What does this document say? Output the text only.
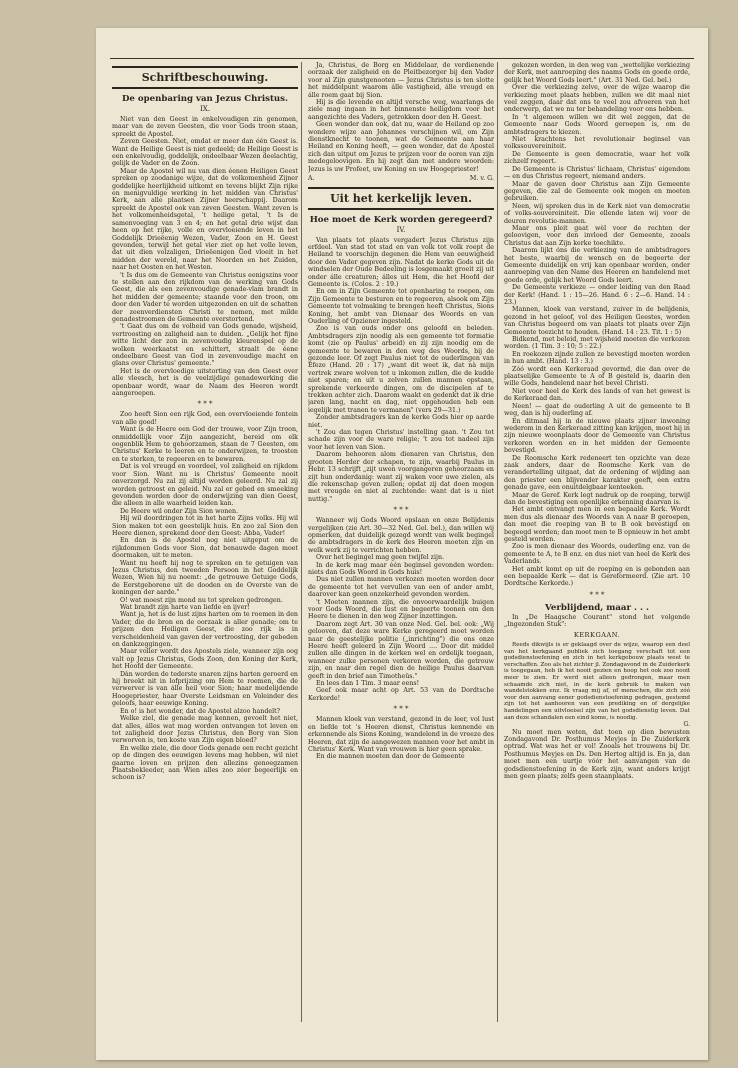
Schriftbeschouwing.
De openbaring van Jezus Christus.
IX.

Niet van den Geest in enkelvoudigen zin genomen, maar van de zeven Geesten, die voor Gods troon staan, spreekt de Apostel.

Zeven Geesten. Niet, omdat er meer dan één Geest is. Want de Heilige Geest is niet gedeeld; de Heilige Geest is een enkelvoudig, goddelijk, ondeelbaar Wezen deelachtig, gelijk de Vader en de Zoon.

Maar de Apostel wil nu van dien éenen Heiligen Geest spreken op zoodanige wijze, dat de volkomenheid Zijner goddelijke heerlijkheid uitkomt en tevens blijkt Zijn rijke en menigvuldige werking in het midden van Christus' Kerk, aan alle plaatsen Zijner heerschappij. Daarom spreekt de Apostel ook van zeven Geesten. Want zeven is het volkomenheidsgetal, 't heilige getal, 't Is de samenvoeging van 3 en 4; en het getal drie wijst dan heen op het rijke, volle en overvloeiende leven in het Goddelijk Drieëenig Wezen, Vader, Zoon en H. Geest gevonden, terwijl het getal vier ziet op het volle leven, dat uit dien volzaligen, Drieëenigen God vloeit in het midden der wereld, naar het Noorden en het Zuiden, naar het Oosten en het Westen.

't Is dus om de Gemeente van Christus eenigszins voor te stellen aan den rijkdom van de werking van Gods Geest, die als een zevenvoudige genade-vlam brandt in het midden der gemeente; staande voor den troon, om door den Vader te worden uitgezonden en uit de schatten der zeenverdiensten Christi te nemen, met milde genadestroomen de Gemeente overstortend.

't Gaat dus om de volheid van Gods genade, wijsheid, vertroosting en zaligheid aan te duiden. „Gelijk het fijne witte licht der zon in zevenvoudig kleurenspel op de wolken weerkaatst en schittert, straalt de éene ondeelbare Geest van God in zevenvoudige macht en glans over Christus' gemeente."

Het is de overvloedige uitstorting van den Geest over alle vleesch, het is de veelzijdige genadewerking die openbaar wordt, waar de Naam des Heeren wordt aangeroepen.

* * *

Zoo heeft Sion een rijk God, een overvloeiende fontein van alle goed!

Want is de Heere een God der trouwe, voor Zijn troon, onmiddellijk voor Zijn aangezicht, bereid om elk oogenblik Hem te gehoorzamen, staan de 7 Geesten, om Christus' Kerke te leeren en te onderwijzen, te troosten en te sterken, te regeeren en te bewaren.

Dat is vol vreugd en voordeel, vol zaligheid en rijkdom voor Sion. Want nu is Christus' Gemeente nooit onverzorgd. Nu zal zij altijd worden geleerd. Nu zal zij worden getroost en geleid. Nu zal er gebed en smeeking gevonden worden door de onderwijzing van dien Geest, die alleen in alle waarheid leiden kan.

De Heere wil onder Zijn Sion wonen.

Hij wil doordringen tot in het harte Zijns volks. Hij wil Sion maken tot een geestelijk huis. En zoo zal Sion den Heere dienen, sprekend door den Geest: Abba, Vader!

En dan is de Apostel nog niet uitgeput om de rijkdommen Gods voor Sion, dat benauwde dagen moet doormaken, uit te meten.

Want nu heeft hij nog te spreken en te getuigen van Jezus Christus, den tweeden Persoon in het Goddelijk Wezen, Wien hij nu noemt: „de getrouwe Getuige Gods, de Eerstgeborene uit de dooden en de Overste van de koningen der aarde."

O! wat moest zijn mond nu tot spreken gedrongen.

Wat brandt zijn harte van liefde en ijver!

Want ja, het is de lust zijns harten om te roemen in den Vader, die de bron en de oorzaak is aller genade; om te prijzen den Heiligen Geest, die zoo rijk is in verscheidenheid van gaven der vertroosting, der gebeden en dankzeggingen.

Maar voller wordt des Apostels ziele, wanneer zijn oog valt op Jezus Christus, Gods Zoon, den Koning der Kerk, het Hoofd der Gemeente.

Dàn worden de tederste snaren zijns harten geroerd en hij breekt nit in lofprijzing om Hem te roemen, die de verwerver is van álle heil voor Sion; haar medelijdende Hoogepriester, haar Overste Leidsman en Voleinder des geloofs, haar eeuwige Koning.

En o! is het wonder, dat de Apostel alzoo handelt?

Welke ziel, die genade mag kennen, gevoelt het niet, dat alles, álles wat mag worden ontvangen tot leven en tot zaligheid door Jezus Christus, den Borg van Sion verworven is, ten koste van Zijn eigen bloed?

En welke ziele, die door Gods genade een recht gezicht op de dingen des eeuwigen levens mag hebben, wil niet gaarne loven en prijzen den allezins genoegzamen Plaatsbekleeder, aan Wien alles zoo zéer begeerlijk en schoon is?

Ja, Christus, de Borg en Middelaar, de verdienende oorzaak der zaligheid en de Pleitbezorger bij den Vader voor al Zijn gunstgenooten — Jezus Christus is ten slotte het middelpunt waarom álle vastigheid, álle vreugd en álle roem gaat bij Sion.

Hij is die levende en altijd versche weg, waarlangs de ziele mag ingaan in het binnenste heiligdom voor het aangezichte des Vaders, getrokken door den H. Geest.

Geen wonder dan ook, dat nu, waar de Heiland op zoo wondere wijze aan Johannes verschijnen wil, om Zijn dienstknecht te toonen, wat de Gemeente aan haar Heiland en Koning heeft, — geen wonder, dat de Apostel zich dan uitput om Jezus te prijzen voor de ooren van zijn medegeloovigen. En hij zegt dan met andere woorden: Jezus is uw Profeet, uw Koning en uw Hoogepriester!

A.	M. v. G.
Uit het kerkelijk leven.
Hoe moet de Kerk worden geregeerd?
IV.

Van plaats tot plaats vergadert Jezus Christus zijn erfdeel. Van stad tot stad en van volk tot volk roept de Heiland te voorschijn degenen die Hem van eeuwigheid door den Vader gegeven zijn. Nadat de kerke Gods uit de windselen der Oude Bedeeling is losgemaakt groeit zij uit onder álle creaturen; álles uit Hem, die het Hoofd der Gemeente is. (Colos. 2 : 19.)

En om in Zijn Gemeente tot openbaring te roepen, om Zijn Gemeente te besturen en te regeeren, alsook om Zijn Gemeente tot volmaking te brengen heeft Christus, Sions Koning, het ambt van Dienaar des Woords en van Ouderling of Opziener ingesteld.

Zoo is van ouds onder ons geloofd en beleden. Ambtsdragers zijn noodig als een gemeente tot formatie komt (zie op Paulus' arbeid) en zij zijn noodig om de gemeente te bewaren in den weg des Woords, bij de gezonde leer. Of zegt Paulus niet tot de ouderlingen van Efeze (Hand. 20 : 17) „want dit weet ik, dat nà mijn vertrek zware wolven tot u inkomen zullen, die de kudde niet sparen; en uit u zelven zullen mannen opstaan, sprekende verkeerde dingen, om de discipelen af te trekken achter zich. Daarom waakt en gedenkt dat ik drie jaren lang, nacht en dag, niet opgehouden heb een iegelijk met tranen te vermanen" (vers 29—31.)

Zonder ambtsdragers kan de kerke Gods hier op aarde niet.

't Zou dan tegen Christus' instelling gaan. 't Zou tot schade zijn voor de ware religie; 't zou tot nadeel zijn voor het leven van Sion.

Daarom behooren alom dienaren van Christus, den grooten Herder der schapen, te zijn, waarbij Paulus in Hebr. 13 schrijft „zijt uwen voorgangeren gehoorzaam en zijt hun onderdanig: want zij waken voor uwe zielen, als die rekenschap geven zullen; opdat zij dat doen mogen met vreugde en niet al zuchtende: want dat is u niet nuttig."

* * *

Wanneer wij Gods Woord opslaan en onze Belijdenis vergelijken (zie Art. 30—32 Ned. Gel. bel.), dan willen wij opmerken, dat duidelijk gezegd wordt van welk begingel de ambtsdragers in de kerk des Heeren moeten zijn en welk werk zij te verrichten hebben.

Over het begingel mag geen twijfel zijn.

In de kerk mag maar één beginsel gevonden worden: niets dan Gods Woord in Gods huis!

Dus niet zullen mannen verkozen moeten worden door de gemeente tot het vervullen van een of ander ambt, daarover kan geen onzekerheid gevonden worden.

't Moeten mannen zijn, die onvoorwaardelijk buigen voor Gods Woord, die lust en begeerte toonen om den Heere te dienen in den weg Zijner inzettingen.

Daarom zegt Art. 30 van onze Ned. Gel. bel. ook: „Wij gelooven, dat deze ware Kerke geregeerd moet worden naar de geestelijke politie („inrichting") die ons onze Heere heeft geleerd in Zijn Woord .... Door dit middel zullen alle dingen in de kerken wel en ordelijk toegaan, wanneer zulke personen verkoren worden, die getrouw zijn, en naar den regel dien de heilige Paulus daarvan geeft in den brief aan Timotheüs."

En lees dan 1 Tim. 3 maar eens!

Geef ook maar acht op Art. 53 van de Dordtsche Kerkorde!

* * *

Mannen kloek van verstand, gezond in de leer, vol lust en liefde tot 's Heeren dienst, Christus kennende en erkennende als Sions Koning, wandelend in de vreeze des Heeren, dat zijn de aangewezen mannen voor het ambt in Christus' Kerk. Want van vrouwen is hier geen sprake.

En die mannen moeten dan door de Gemeente

gekozen worden, in den weg van „wettelijke verkiezing der Kerk, met aanroeping des naams Gods en goede orde, gelijk het Woord Gods leert." (Art. 31 Ned. Gel. bel.)

Over die verkiezing zelve, over de wijze waarop die verkiezing moet plaats hebben, zullen we dit maal niet veel zeggen, daar dat ons te veel zou afvoeren van het onderwerp, dat we nu ter behandeling voor ons hebben.

In 't algemeen willen we dit wel zeggen, dat de Gemeente naar Gods Woord geroepen is, om de ambtsdragers te kiezen.

Niet krachtens het revolutionair beginsel van volkssouvereiniteit.

De Gemeente is geen democratie, waar het volk zichzelf regeert.

De Gemeente is Christus' lichaam, Christus' eigendom — en dus Christus regeert, niemand anders.

Maar de gaven door Christus aan Zijn Gemeente gegeven, die zal de Gemeente ook mogen en moeten gebruiken.

Neen, wij spreken dus in de Kerk niet van democratie of volks-souvereiniteit. Die ellende laten wij voor de deuren revolutie-mannen.

Maar ons pleit gaat wèl voor de rechten der geloovigen, voor den invloed der Gemeente, zooals Christus dat aan Zijn kerke toechikte.

Daarom lijkt óns die verkiezing van de ambtsdragers het beste, waarbij de wensch en de begeerte der Gemeente duidelijk en vrij kan openbaar worden, onder aanroeping van den Name des Heeren en handelend met goede orde, gelijk het Woord Gods leert.

De Gemeente verkieze — onder leiding van den Raad der Kerk! (Hand. 1 : 15—26. Hand. 6 : 2—6. Hand. 14 : 23.)

Mannen, kloek van verstand, zuiver in de belijdenis, gezond in het geloof, vol des Heiligen Geestes, worden van Christus begeerd om van plaats tot plaats over Zijn Gemeente toezicht te houden. (Hand. 14 : 23. Tit. 1 : 5)

Bidkend, met beleid, met wijsheid moeten die verkozen worden. (1 Tim. 3 : 10; 5 : 22.)

En roekozen zijnde zullen ze bevestigd moeten worden in hun ambt. (Hand. 13 : 3.)

Zóó wordt een Kerkeraad gevormd, die dan over de plaatselijke Gemeente te A of B gesteld is, daarin den wille Gods, handelend naar het bevel Christi.

Niet voor heel de Kerk des lands of van het gewest is de Kerkeraad dan.

Neen! — gaat de ouderling A uit de gemeente te B weg, dan is hij ouderling af.

En ditmaal hij in de nieuwe plaats zijner inwoning wederom in den Kerkeraad zitting kan krijgen, moet hij in zijn nieuwe woonplaats door de Gemeente van Christus verkoren worden en in het midden der Gemeente bevestigd.

De Roomsche Kerk redeneert ten opzichte van deze zaak anders, daar de Roomsche Kerk van de verandertelling uitgaat, dat de ordening of wijding aan den priester een blijvender karakter geeft, een extra genade gave, een onuitdelgbaar kenteeken.

Maar de Geref. Kerk legt nadruk op de roeping, terwijl dan de bevestiging een openlijke erkenning daarvan is.

Het ambt ontvangt men in een bepaalde Kerk. Wordt men dus als dienaar des Woords van A naar B geroepen, dan moet die roeping van B te B ook bevestigd en begeegd worden; dan moet men te B opnieuw in het ambt gesteld worden.

Zoo is men dienaar des Woords, ouderling enz. van de gemeente te A, te B enz. en dus niet van heel de Kerk des Vaderlands.

Het ambt komt op uit de roeping en is gebonden aan een bepaalde Kerk — dat is Gereformeerd. (Zie art. 10 Dordtsche Kerkorde.)

* * *
Verblijdend, maar . . .

In „De Haagsche Courant" stond het volgende „Ingezonden Stuk":

KERKGAAN.

Reeds dikwijls is er geklaagd over de wijze, waarop een deel van het kerkgaand publiek zich toegang verschaft tot een godsdienstoefening en zich in het kerkgebouw plaats weet te verschaffen. Zoo als het zichter jl. Zondagavond in de Zuiderkerk is toegegaan, heb ik het nooit gezien en hoop het ook zoo nooit meer te zien. Er werd niet alleen gedrongen, maar men schaamde zich niet, in de kerk gebruik te maken van wandelstokken enz. Ik vraag mij af, of menschen, die zich zóó voor den aanvang eener godsdienstoefening gedragen, gestemd zijn tot het aanhooren van een prediking en of dergelijke handelingen een uitvloeisel zijn van het godsdienstig leven. Dat aan deze schandalen een eind kome, is noodig.

G.

Nu moet men weten, dat toen op dien bewusten Zondagavond Dr. Posthumus Meyjes in De Zuiderkerk optrad. Wat was het er vol! Zooals het trouwens bij Dr. Posthumus Meyjes en Ds. Den Hertog altijd is. En ja, dan moet men een uurtje vóór het aanvangen van de godsdienstoefening in de Kerk zijn, want anders krijgt men geen plaats; zelfs geen staanplaats.
